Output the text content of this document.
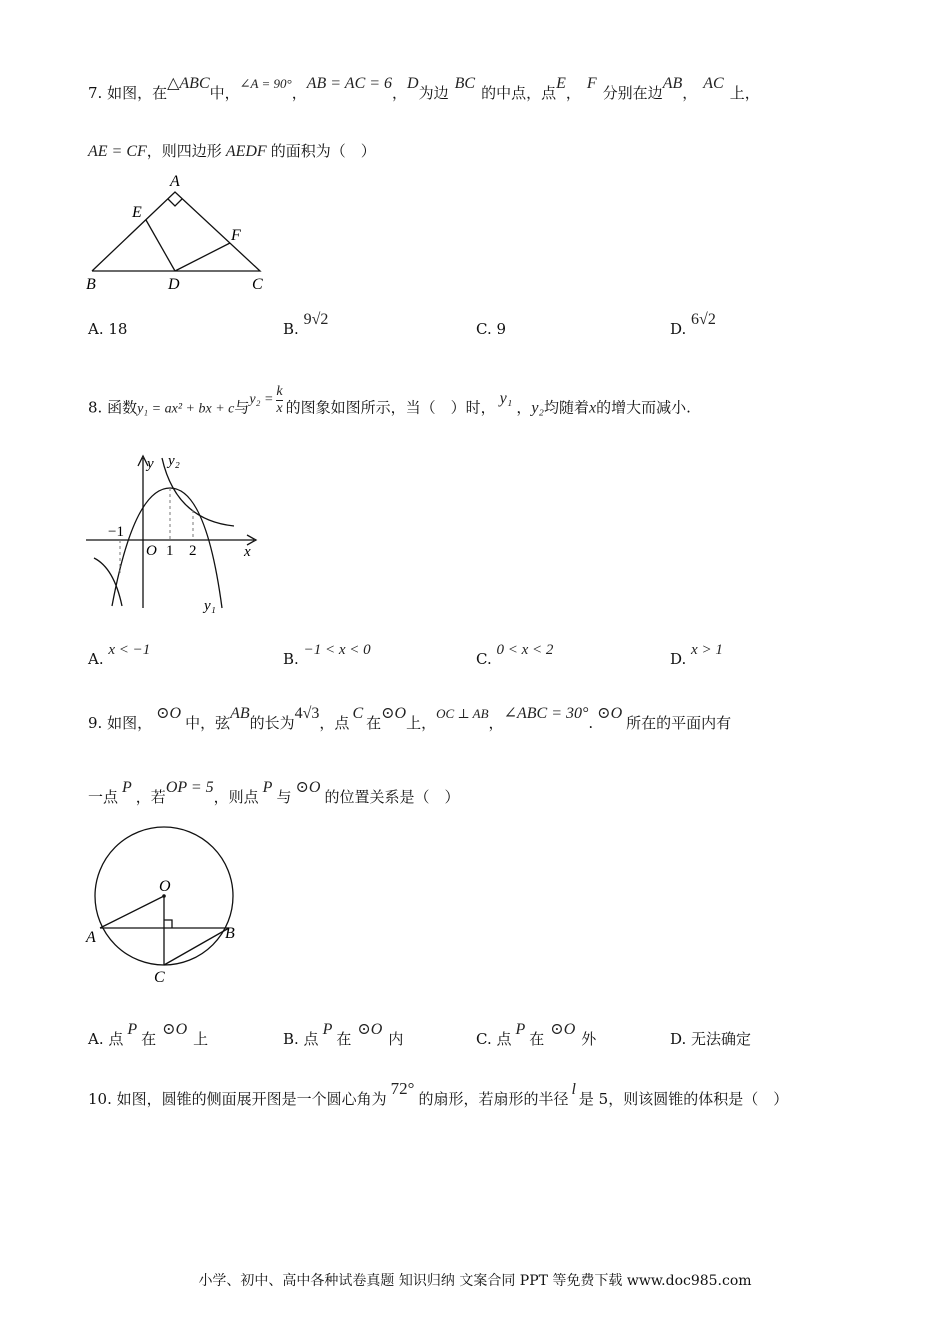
7. 如图，在△ABC中，∠A = 90°，AB = AC = 6，D为边BC的中点，点E，F分别在边AB，AC上，
AE = CF，则四边形 AEDF 的面积为（　）
A
E
F
B	D	C
A. 18	B. 9√2
C. 9	D. 6√2
8. 函数y₁ = ax² + bx + c与$y_2 = \frac{k}{x}$ 的图象如图所示，当（　）时，y₁，y₂均随着x的增大而减小.
y y₂
y₁
x
O 1 2
−1
A. x < −1	B. −1 < x < 0	C. 0 < x < 2	D. x > 1
9. 如图，⊙O中，弦AB的长为4√3，点C在⊙O上，OC ⊥ AB，∠ABC = 30°.⊙O所在的平面内有
一点P，若OP = 5，则点P与⊙O的位置关系是（　）
O
A	B
C
A. 点P在⊙O上	B. 点P在⊙O内	C. 点P在⊙O外	D. 无法确定
10. 如图，圆锥的侧面展开图是一个圆心角为72°的扇形，若扇形的半径l是 5，则该圆锥的体积是（　）
小学、初中、高中各种试卷真题 知识归纳 文案合同 PPT 等免费下载 www.doc985.com
